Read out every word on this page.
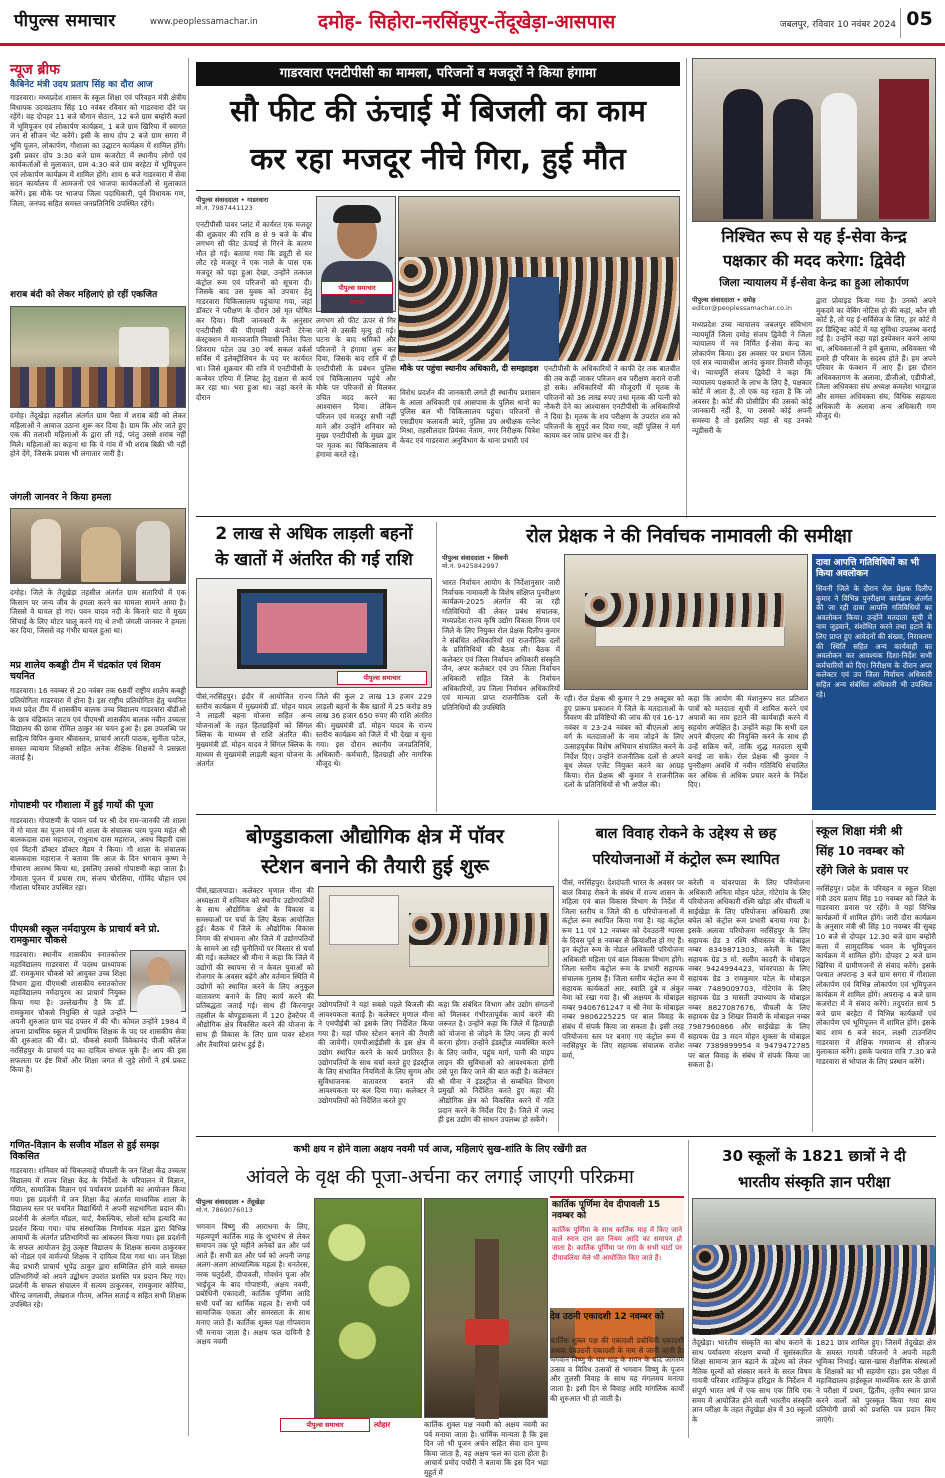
पीपुल्स समाचार	www.peoplessamachar.in	दमोह- सिहोरा-नरसिंहपुर-तेंदूखेड़ा-आसपास	जबलपुर, रविवार 10 नवंबर 2024 05
न्यूज ब्रीफ
कैबिनेट मंत्री उदय प्रताप सिंह का दौरा आज
गाडरवारा। मध्यप्रदेश शासन के स्कूल शिक्षा एवं परिवहन मंत्री क्षेत्रीय विधायक उदयप्रताप सिंह 10 नवंबर रविवार को गाडरवारा दौरे पर रहेंगे। वह दोपहर 11 बजे चौगान सेठान, 12 बजे ग्राम बम्होरी कलां में भूमिपूजन एवं लोकार्पण कार्यक्रम, 1 बजे ग्राम खिरिया में स्वागत जन से सीजन भेंट करेंगे। इसी के साथ दोप 2 बजे ग्राम सगरा में भूमि पूजन, लोकार्पण, गौशाला का उद्घाटन कार्यक्रम में शामिल होंगे।इसी प्रकार दोप 3:30 बजे ग्राम कजरोटा में स्थानीय लोगों एवं कार्यकर्ताओं से मुलाकात, ग्राम 4:30 बजे ग्राम बरहेटा में भूमिपूजन एवं लोकार्पण कार्यक्रम में शामिल होंगे। शाम 6 बजे गाडरवारा में सेवा सदन कार्यालय में आमजनों एवं भाजपा कार्यकर्ताओं से मुलाकात करेंगे। इस मौके पर भाजपा जिला पदाधिकारी, पूर्व विधायक गण, जिला, जनपद सहित समस्त जनप्रतिनिधि उपस्थित रहेंगे।
शराब बंदी को लेकर महिलाएं हो रहीं एकजित
दमोह। तेंदूखेड़ा तहसील अंतर्गत ग्राम पैसा में शराब बंदी को लेकर महिलाओं ने आवाज उठाना शुरू कर दिया है। ग्राम कि ओर जाते हुए एक की तलाशी महिलाओं के द्वारा ली गई, परंतु उससे शराब नहीं मिले। महिलाओं का कहना था कि ये गांव में भी शराब बिक्री भी नहीं होने देंगे, जिसके प्रयास भी लगातार जारी है।
जंगली जानवर ने किया हमला
दमोह। जिले के तेंदूखेड़ा तहसील अंतर्गत ग्राम सतारियों में एक किसान पर जन्य जीव के हमला करने का मामला सामने आया है। जिससे वे घायल हो गए। पवन यादव नदी के किनारे घाट में मुख्य सिंचाई के लिए मोटर चालू करने गए थे तभी जंगली जानवर ने हमला कर दिया, जिससे वह गंभीर घायल हुआ था।
मप्र शालेय कबड्डी टीम में चंद्रकांत एवं शिवम चयनित
गाडरवारा। 16 नवम्बर से 20 नवंबर तक 68वीं राष्ट्रीय शालेय कबड्डी प्रतियोगिता गाडरवारा में होना है। इस राष्ट्रीय प्रतियोगिता हेतु चयनित मध्य प्रदेश टीम में शासकीय बालक उच्च विद्यालय गाडरवारा बीडीओ के छात्र चंद्रिकांत जाटव एवं पीएमश्री शासकीय बालक नवीन उच्चतर विद्यालय की छात्रा रोमिल ठाकुर का चयन हुआ है। इस उपलब्धि पर साहित्य विपिन कुमार श्रीवास्तव, प्राचार्य आरती पाठक, सुनीता पटेल, समस्त व्यायाम शिक्षकों सहित अनेक शैक्षिक शिक्षकों ने प्रसन्नता जताई है।
गोपाष्टमी पर गौशाला में हुई गायों की पूजा
गाडरवारा। गोपाष्टमी के पावन पर्व पर श्री देव राम-जानकी जी शाला में गो माता का पूजन एवं गौ शाला के संचालक परम पूज्य महंत श्री बालकदास दास महाराज, राधुनाथ दास महाराज, अवध बिहारी दास एवं विटनी डॉक्टर डॉक्टर मैडम ने किया। गौ शाला के संचालक बालकदास महाराज ने बताया कि आज के दिन भगवान कृष्ण ने गौचारण आरम्भ किया था, इसलिए उसको गोपाष्टमी कहा जाता है। गौमाता पूजन में प्रयास राम, संजय चौरसिया, गोविंद चौहान एवं गौशाला परिवार उपस्थित रहा।
पीएमश्री स्कूल नर्मदापुरम के प्राचार्य बने प्रो. रामकुमार चौकसे
गाडरवारा। स्थानीय शासकीय स्नातकोत्तर महाविद्यालय गाडरवारा में पदस्थ प्राध्यापक डॉ. रामकुमार चौकसे को आयुक्त उच्च शिक्षा विभाग द्वारा पीएमश्री शासकीय स्नातकोत्तर महाविद्यालय नर्मदापुरम का प्राचार्य नियुक्त किया गया है। उल्लेखनीय है कि डॉ. रामकुमार चौकसे नियुक्ति से पहले उन्होंने अपनी शुरुआत ग्राम चंद्र दफ्तर में की थी। कोमल उन्होंने 1984 में अपना प्राथमिक स्कूल में प्राथमिक शिक्षक के पद पर शासकीय सेवा की शुरुआत की थी। प्रो. चौकसे स्वामी विवेकानंद पीजी कॉलेज नरसिंहपुर के प्राचार्य पद का दायित्व संभाल चुके हैं। आप की इस सफलता पर ईष्ट मित्रों और शिक्षा जगत से जुड़े लोगों ने हर्ष प्रकट किया है।
गणित-विज्ञान के सजीव मॉडल से हुई समझ विकसित
गाडरवारा। शनिवार को चिकलवाहे चौपाली के जन शिक्षा केंद्र उच्चतर विद्यालय में राज्य शिक्षा केंद्र के निर्देशों के परिपालन में विज्ञान, गणित, सामाजिक विज्ञान एवं पर्यावरण प्रदर्शनी का आयोजन किया गया। इस प्रदर्शनी में जन शिक्षा केंद्र अंतर्गत माध्यमिक शाला के विद्यालय स्तर पर चयनित विद्यार्थियों ने अपनी सहभागिता प्रदान की। प्रदर्शनी के अंतर्गत मॉडल, चार्ट, वैकल्पिक, सोलो स्टोव इत्यादि का प्रदर्शन किया गया। पांच संस्थाजिक निर्णायक मंडल द्वारा विभिन्न आयामों के अंतर्गत प्रतिभागियों का आंकलन किया गया। इस प्रदर्शनी के सफल आयोजन हेतु उत्कृष्ट विद्यालय के शिक्षक सत्यम ठाकुरकर को नोडल एवं वार्मज्यो शिक्षक ने दायित्व दिया गया था। जन शिक्षा केंद्र प्रभारी प्राचार्य भूपेंद्र ठाकुर द्वारा सम्मिलित होने वाले समस्त प्रतिभागियों को अपने उद्बोधन उपरांत प्रशस्ति पत्र प्रदान किए गए। प्रदर्शनी के सफल संचालन में सत्यम ठाकुरकर, रामकुमार कोरिया, धीरेन्द्र जगलावी, लेखराज गौतम, अनिल सताई व सहित सभी शिक्षक उपस्थित रहे।
गाडरवारा एनटीपीसी का मामला, परिजनों व मजदूरों ने किया हंगामा
सौ फीट की ऊंचाई में बिजली का काम
कर रहा मजदूर नीचे गिरा, हुई मौत
पीपुल्स संवाददाता • गाडरवारा
मो.नं. 7987441123
एनटीपीसी पावर प्लांट में कार्यरत एक मजदूर की शुक्रवार की रात्रि 8 से 9 बजे के बीच लगभग सौ फीट ऊंचाई से गिरने के कारण मौत हो गई। बताया गया कि ड्यूटी से घर लौट रहे मजदूर ने एक नाले के पास एक मजदूर को पड़ा हुआ देखा, उन्होंने तत्काल कंट्रोल रूम एवं परिजनों को सूचना दी। जिसके बाद उस युवक को उपचार हेतु गाडरवारा चिकित्सालय पहुंचाया गया, जहां डॉक्टर ने परीक्षण के दौरान उसे मृत घोषित कर दिया। मिली जानकारी के अनुसार एनटीपीसी की पीएमसी कंपनी टेरेन्स कंस्ट्रक्शन में मानवजाति निवासी नितेश पिता शिवराम पटेल उम्र 30 वर्ष सकल वर्कर्स सर्विस में इलेक्ट्रीशियन के पद पर कार्यरत था। जिसे शुक्रवार की रात्रि में एनटीपीसी के कन्वेयर एरिया में लिफ्ट हेतु दक्षता से कार्य कर रहा था। भरा हुआ था। जहां करने के दौरान
पीपुल्स समाचार
हादसा
लगभग सौ फीट ऊपर से गिर जाने से उसकी मृत्यु हो गई। घटना के बाद श्रमिकों और परिजनों ने हंगामा शुरू कर दिया, जिसके बाद रात्रि में ही एनटीपीसी के प्रबंधन पुलिस एवं चिकित्सालय पहुंचे और मौके पर परिजनों से मिलकर उचित मदद करने का आश्वासन दिया। लेकिन परिजन एवं मजदूर सभी नहीं माने और उन्होंने शनिवार को मुख्य एनटीपीसी के मुख्य द्वार पर मृतक का चिकित्सालय में हंगामा करते रहे।
मौके पर पहुंचा स्थानीय अधिकारी, दी समझाइश
विरोध प्रदर्शन की जानकारी लगते ही स्थानीय प्रशासन के आला अधिकारी एवं आसपास के पुलिस थानों का पुलिस बल भी चिकित्सालय पहुंचा। परिजनों से एसडीएम कलावती ब्यारे, पुलिस उप अधीक्षक रत्नेश मिश्रा, तहसीलदार प्रियंका नेताम, नगर निरीक्षक चित्रेश केवट एवं गाडरवारा अनुविभाग के थाना प्रभारी एवं
एनटीपीसी के अधिकारियों ने काफी देर तक बातचीत की तब कहीं जाकर परिजन शव परीक्षण कराने राजी हो सके। अधिकारियों की मौजूदगी में मृतक के परिजनों को 36 लाख रुपए तथा मृतक की पत्नी को नौकरी देने का आश्वासन एनटीपीसी के अधिकारियों ने दिया है। मृतक के शव परीक्षण के उपरांत शव को परिजनों के सुपुर्द कर दिया गया, वहीं पुलिस ने मर्ग कायम कर जांच प्रारंभ कर दी है।
निश्चित रूप से यह ई-सेवा केन्द्र
पक्षकार की मदद करेगा: द्विवेदी
जिला न्यायालय में ई-सेवा केन्द्र का हुआ लोकार्पण
पीपुल्स संवाददाता • दमोह
editor@peoplessamachar.co.in
मध्यप्रदेश उच्च न्यायालय जबलपुर संविभाग न्यायमूर्ति जिला दमोह संजय द्विवेदी ने जिला न्यायालय में नव निर्मित ई-सेवा केन्द्र का लोकार्पण किया। इस अवसर पर प्रधान जिला एवं सत्र न्यायाधीश आनंद कुमार तिवारी मौजूद थे। न्यायमूर्ति संजय द्विवेदी ने कहा कि न्यायालय पक्षकारों के लाभ के लिए है, पक्षकार कोर्ट में आता है, तो एक यह रहता है कि जो अवसर है। कोर्ट की प्रोसीडिंग की उसको कोई जानकारी नहीं है, या उसको कोई अपनी समस्या है तो इसलिए यहां से यह उनको न्यूडीसरी के
द्वारा प्रोवाइड किया गया है। उनको अपने मुकदमे का वेबिंग नोटिस हो की कहां, कौन सी कोर्ट है, तो यह ई-सर्विसेज के लिए, हर कोर्ट में हर डिस्ट्रिक्ट कोर्ट में यह सुविधा उपलब्ध कराई गई है। उन्होंने कहा यहां इस्पेक्शन करने आया था, अधिवक्ताओं ने हमें बुलाया, अधिवक्ता भी हमारे ही परिवार के सदस्य होते हैं। हम अपने परिवार के फंक्शन में आए हैं। इस दौरान अधिवक्तागण के अलावा, डीजीओ, एडीपीओ, जिला अधिवक्ता संघ अध्यक्ष कमलेश भारद्वाज और समस्त अधिवक्ता संघ, विधिक सहायता अधिकारी के अलावा अन्य अधिकारी गण मौजूद थे।
2 लाख से अधिक लाड़ली बहनों
के खातों में अंतरित की गई राशि
पीपुल्स समाचार
पीसं,नरसिंहपुर। इंदौर में आयोजित राज्य स्तरीय कार्यक्रम में मुख्यमंत्री डॉ. मोहन यादव ने लाड़ली बहना योजना सहित अन्य योजनाओं के तहत हितग्राहियों को सिंगल क्लिक के माध्यम से राशि अंतरित की। मुख्यमंत्री डॉ. मोहन यादव ने सिंगल क्लिक के माध्यम से मुख्यमंत्री लाड़ली बहना योजना के अंतर्गत
जिले की कुल 2 लाख 13 हजार 229 लाड़ली बहनों के बैंक खातों में 25 करोड़ 89 लाख 36 हजार 650 रुपए की राशि अंतरित की। मुख्यमंत्री डॉ. मोहन यादव के राज्य स्तरीय कार्यक्रम को जिले में भी देखा व सुना गया। इस दौरान स्थानीय जनप्रतिनिधि, अधिकारी- कर्मचारी, हितग्राही और नागरिक मौजूद थे।
रोल प्रेक्षक ने की निर्वाचक नामावली की समीक्षा
पीपुल्स संवाददाता • सिवनी
मो.नं. 9425842997
भारत निर्वाचन आयोग के निर्देशानुसार जारी निर्वाचक नामावली के विशेष संक्षिप्त पुनरीक्षण कार्यक्रम-2025 अंतर्गत की जा रही गतिविधियों की लेकर प्रबंध संचालक, मध्यप्रदेश राज्य कृषि उद्योग विकास निगम एवं जिले के लिए नियुक्त रोल प्रेक्षक दिलीप कुमार ने संबंधित अधिकारियों एवं राजनीतिक दलों के प्रतिनिधियों की बैठक ली। बैठक में कलेक्टर एवं जिला निर्वाचन अधिकारी संस्कृति जैन, अपर कलेक्टर एवं उप जिला निर्वाचन अधिकारी सहित जिले के निर्वाचन अधिकारियों, उप जिला निर्वाचन अधिकारियों एवं मान्यता प्राप्त राजनीतिक दलों के प्रतिनिधियों की उपस्थिति
रही। रोल प्रेक्षक श्री कुमार ने 29 अक्टूबर को हुए प्रारूप प्रकाशन में जिले के मतदाताओं के विवरण की प्रविष्टियों की जांच की एवं 16-17 नवंबर व 23-24 नवंबर को बीएलओ आयु वर्ग के मतदाताओं के नाम जोड़ने के लिए उत्साहपूर्वक विशेष अभियान संचालित करने के निर्देश दिए। उन्होंने राजनीतिक दलों से अपने बूथ लेवल एजेंट नियुक्त करने का आग्रह किया। रोल प्रेक्षक श्री कुमार ने राजनीतिक दलों के प्रतिनिधियों से भी अपील की।
कहा कि आयोग की मंशानुरूप सत प्रतिशत पात्रों को मतदाता सूची में शामिल करने एवं अपात्रों का नाम हटाने की कार्यवाही करने में सहयोग अपेक्षित है। उन्होंने कहा कि सभी दल अपने बीएलए की नियुक्ति करने के साथ ही उन्हें सक्रिय करें, ताकि शुद्ध मतदाता सूची बनाई जा सके। रोल प्रेक्षक श्री कुमार ने पुनरीक्षण अवधि में नवीन गतिविधि संचालित कर अधिक से अधिक प्रचार करने के निर्देश दिए।
दावा आपत्ति गतिविधियों का भी किया अवलोकन
सिवनी जिले के दौरान रोल प्रेक्षक दिलीप कुमार ने विभिन्न पुनरीक्षण कार्यक्रम अंतर्गत की जा रही दावा आपत्ति गतिविधियों का अवलोकन किया। उन्होंने मतदाता सूची में नाम जुड़वाने, संशोधित करने तथा हटाने के लिए प्राप्त हुए आवेदनों की संख्या, निराकरण की स्थिति सहित अन्य कार्यवाही का अवलोकन कर आवश्यक दिशा-निर्देश सभी कर्मचारियों को दिए। निरीक्षण के दौरान अपर कलेक्टर एवं उप जिला निर्वाचन अधिकारी सहित अन्य संबंधित अधिकारी भी उपस्थित रहे।
बोण्डुडाकला औद्योगिक क्षेत्र में पॉवर
स्टेशन बनाने की तैयारी हुई शुरू
पीसं,खातापाडा। कलेक्टर मृणाल मीना की अध्यक्षता में शनिवार को स्थानीय उद्योगपतियों के साथ औद्योगिक क्षेत्रों के विकास व समस्याओं पर चर्चा के लिए बैठक आयोजित हुई। बैठक में जिले के औद्योगिक विकास निगम की संभावना और जिले में उद्योगपतियों के सामने आ रही चुनौतियों पर विस्तार से चर्चा की गई। कलेक्टर श्री मीना ने कहा कि जिले में उद्योगों की स्थापना से न केवल युवाओं को रोजगार के अवसर बढ़ेंगे और वर्तमान स्थिति में उद्योगों को स्थापित करने के लिए अनुकूल वातावरण बनाने के लिए कार्य करने की प्रतिबद्धता जताई गई। साथ ही किरनापुर तहसील के बोण्डुडाकला में 120 हेक्टेयर में औद्योगिक क्षेत्र विकसित करने की योजना के साथ ही विकास के लिए ग्राम पावर स्टेशन और तैयारियां प्रारंभ हुई हैं।
उद्योगपतियों ने यहां सबसे पहले बिजली की आवश्यकता बताई है। कलेक्टर मृणाल मीना ने एमपीईबी को इसके लिए निर्देशित किया गया है। यहां पॉवर स्टेशन बनाने की तैयारी की जायेगी। एमपीआईडीसी के इस क्षेत्र में उद्योग स्थापित करने के कार्य प्रगतिरत हैं। उद्योगपतियों के साथ चर्चा करते हुए इंडस्ट्रीज के लिए संभावित नियमितों के लिए सुगम और सुविधाजनक वातावरण बनाने की आवश्यकता पर बल दिया गया। कलेक्टर ने उद्योगपतियों को निर्देशित करते हुए
कहा कि संबंधित विभाग और उद्योग संगठनों को मिलकर गंभीरतापूर्वक कार्य करने की जरूरत है। उन्होंने कहा कि जिले में हितग्राही को योजना से जोड़ने के लिए जल्द ही कार्य करना होगा। उन्होंने इंडस्ट्रीज्ञ व्यवस्थित करने के लिए जमीन, पहुंच मार्ग, पानी की पाइप लाइन की सुविधाओं को आवश्यकता होगी उसे पूरा किए जाने की बात कही है। कलेक्टर श्री मीना ने इंडस्ट्रीज से सम्बंधित विभाग प्रमुखों को निर्देशित करते हुए कहा की औद्योगिक क्षेत्र को विकसित करने में गति प्रदान करने के निर्देश दिए हैं। जिले में जल्द ही इस उद्योग की साधन उपलब्ध हो सकेंगे।
बाल विवाह रोकने के उद्देश्य से छह
परियोजनाओं में कंट्रोल रूम स्थापित
पीसं, नरसिंहपुर। देशदंपती भारत के अवसर पर बाल विवाह रोकने के संबंध में राज्य शासन के महिला एवं बाल विकास विभाग के निर्देश में जिला स्तरीय व जिले की 6 परियोजनाओं में कंट्रोल रूम स्थापित किया गया है। यह कंट्रोल रूम 11 एवं 12 नवम्बर को देवउठनी ग्यारस के दिवस पूर्व 8 नवम्बर से क्रियाशील हो गए हैं। इन कंट्रोल रूम के नोडल अधिकारी परियोजना अधिकारी महिला एवं बाल विकास विभाग होंगे। जिला स्तरीय कंट्रोल रूम के प्रभारी सहायक संचालक गुलाब हैं। जिला स्तरीय कंट्रोल रूम में सहायक कार्यकर्ता आर. स्वाति दुबे व अंकुर नेमा को रखा गया है। श्री अक्षयम के मोबाइल नम्बर 9406761247 व श्री नेमा के मोबाइल नम्बर 9806225225 पर बाल विवाह के संबंध में संपर्क किया जा सकता है। इसी तरह परियोजना स्तर पर बनाए गए कंट्रोल रूम में नरसिंहपुर के लिए सहायक संचालक राजेश वर्मा,
करेली व चांवरपाठा के लिए परियोजना अधिकारी अनिता मोहन पटेल, गोटेगांव के लिए परियोजना अधिकारी रश्मि खोड़ा और चीचली व साईखेड़ा के लिए परियोजना अधिकारी उषा बघेल को कंट्रोल रूम प्रभारी बनाया गया है। इसके अलावा परियोजना नरसिंहपुर के लिए सहायक ग्रेड 3 रश्मि श्रीवास्तव के मोबाइल नम्बर 8349871303, करेली के लिए सहायक ग्रेड 3 मो. सलीम कादरी के मोबाइल नम्बर 9424994423, चांवरपाठा के लिए सहायक ग्रेड 3 रामकुमार पटेल के मोबाइल नम्बर 7489009703, गोटेगांव के लिए सहायक ग्रेड 3 मासती उपाध्याय के मोबाइल नम्बर 8827087676, चीचली के लिए सहायक ग्रेड 3 शिखर तिवारी के मोबाइल नम्बर 7987960866 और साईखेड़ा के लिए सहायक ग्रेड 3 मदन मोहन शुक्ला के मोबाइल नम्बर 7389899954 व 9479472785 पर बाल विवाह के संबंध में संपर्क किया जा सकता है।
स्कूल शिक्षा मंत्री श्री
सिंह 10 नवम्बर को
रहेंगे जिले के प्रवास पर
नरसिंहपुर। प्रदेश के परिवहन व स्कूल शिक्षा मंत्री उदय प्रताप सिंह 10 नवम्बर को जिले के गाडरवारा प्रवास पर रहेंगे। वे यहां विभिन्न कार्यक्रमों में शामिल होंगे। जारी दौरा कार्यक्रम के अनुसार मंत्री श्री सिंह 10 नवम्बर की सुबह 10 बजे से दोपहर 12.30 बजे ग्राम बम्होरी कला में सामुदायिक भवन के भूमिपूजन कार्यक्रम में शामिल होंगे। दोपहर 2 बजे ग्राम खिरिया में ग्रामीणजनों से संवाद करेंगे। इसके पश्चात अपरान्ह 3 बजे ग्राम सगरा में गौशाला लोकार्पण एवं विभिन्न लोकार्पण एवं भूमिपूजन कार्यक्रम में शामिल होंगे। अपरान्ह 4 बजे ग्राम कजरोटा में वे संवाद करेंगे। तदुपरांत सायं 5 बजे ग्राम बरहेटा में विभिन्न कार्यक्रमों एवं लोकार्पण एवं भूमिपूजन में शामिल होंगे। इसके बाद शाम 6 बजे सदन, लक्ष्मी टाउनशिप गाडरवारा में शैक्षिक गणमान्य से सौजन्य मुलाकात करेंगे। इसके पश्चात रात्रि 7.30 बजे गाडरवारा से भोपाल के लिए प्रस्थान करेंगे।
कभी क्षय न होने वाला अक्षय नवमी पर्व आज, महिलाएं सुख-शांति के लिए रखेंगी व्रत
आंवले के वृक्ष की पूजा-अर्चना कर लगाई जाएगी परिक्रमा
पीपुल्स संवाददाता • तेंदूखेड़ा
मो.नं. 7869076013
भगवान विष्णु की आराधना के लिए, महत्वपूर्ण कार्तिक माह के शुभारंभ से लेकर समापन तक पूरे महीने अनेकों व्रत और पर्व आते हैं। सभी व्रत और पर्व को अपनी जगह अलग-अलग आध्यात्मिक महत्व है। धनतेरस, नरक चतुर्दशी, दीपावली, गोवर्धन पूजा और भाईदूज के बाद गोपाष्टमी, अक्षय नवमी, प्रबोधिनी एकादशी, कार्तिक पूर्णिमा आदि सभी पर्वों का धार्मिक महत्व है। सभी पर्व सामाजिक एकता और समरसता के साथ मनाए जाते हैं। कार्तिक शुक्ल पक्ष गोपवराम भी मनाया जाता है। अक्षय फल दायिनी है अक्षय नवमी
पीपुल्स समाचार	त्योहार	कार्तिक शुक्ल पक्ष नवमी को अक्षय नवमी का पर्व मनाया जाता है। धार्मिक मान्यता है कि इस दिन जो भी पूजन अर्चन सहित सेवा दान पुण्य किया जाता है, वह अक्षय फल का दाता होता है। आचार्य प्रमोद पचौरी ने बताया कि इस दिन भद्रा मुहूर्त में
कार्तिक पूर्णिमा देव दीपावली 15 नवम्बर को
कार्तिक पूर्णिमा के साथ कार्तिक माह में किए जाने वाले स्नान दान व्रत नियम आदि का समापन हो जाता है। कार्तिक पूर्णिमा पर गंगा के सभी घाटों पर दीपावलिया मेले भी आयोजित किए जाते हैं।
देव उठनी एकादशी 12 नवम्बर को
कार्तिक शुक्ल पक्ष की एकादशी प्रबोधिनी एकादशी अथवा देवउठनी एकादशी के नाम से जानी जाती है। भगवान विष्णु के चार माह के शयन के बाद जागरण उत्सव व विविध उत्सवों से भगवान विष्णु के पूजन और तुलसी विवाह के साथ यह मंगलमय मनाया जाता है। इसी दिन से विवाह आदि मांगलिक कार्यों की शुरुआत भी हो जाती है।
30 स्कूलों के 1821 छात्रों ने दी
भारतीय संस्कृति ज्ञान परीक्षा
तेंदूखेड़ा। भारतीय संस्कृति का बोध कराने के साथ पर्यावरण संरक्षण बच्चों में सुसंस्कारित शिक्षा सामान्य ज्ञान बढ़ाने के उद्देश्य को लेकर नैतिक मूल्यों को संस्कार करने के सरल विषय गायत्री परिवार शांतिकुंज हरिद्वार के निर्देशन में संपूर्ण भारत वर्ष में एक साथ एक तिथि एक समय में आयोजित होने वाली भारतीय संस्कृति ज्ञान परीक्षा के तहत तेंदूखेड़ा क्षेत्र में 30 स्कूलों के
1821 छात्र शामिल हुए। जिसमें तेंदूखेड़ा क्षेत्र के समस्त गायत्री परिजनों ने अपनी महती भूमिका निभाई। खास-खास शैक्षणिक संस्थाओं के शिक्षकों का भी सहयोग रहा। इस परीक्षा में महाविद्यालय हाईस्कूल माध्यमिक स्तर के छात्रों ने परीक्षा में प्रथम, द्वितीय, तृतीय स्थान प्राप्त करने वालों को पुरस्कृत किया गया साथ प्रतियोगी छात्रों को प्रशस्ति पत्र प्रदान किए जाएंगे।
